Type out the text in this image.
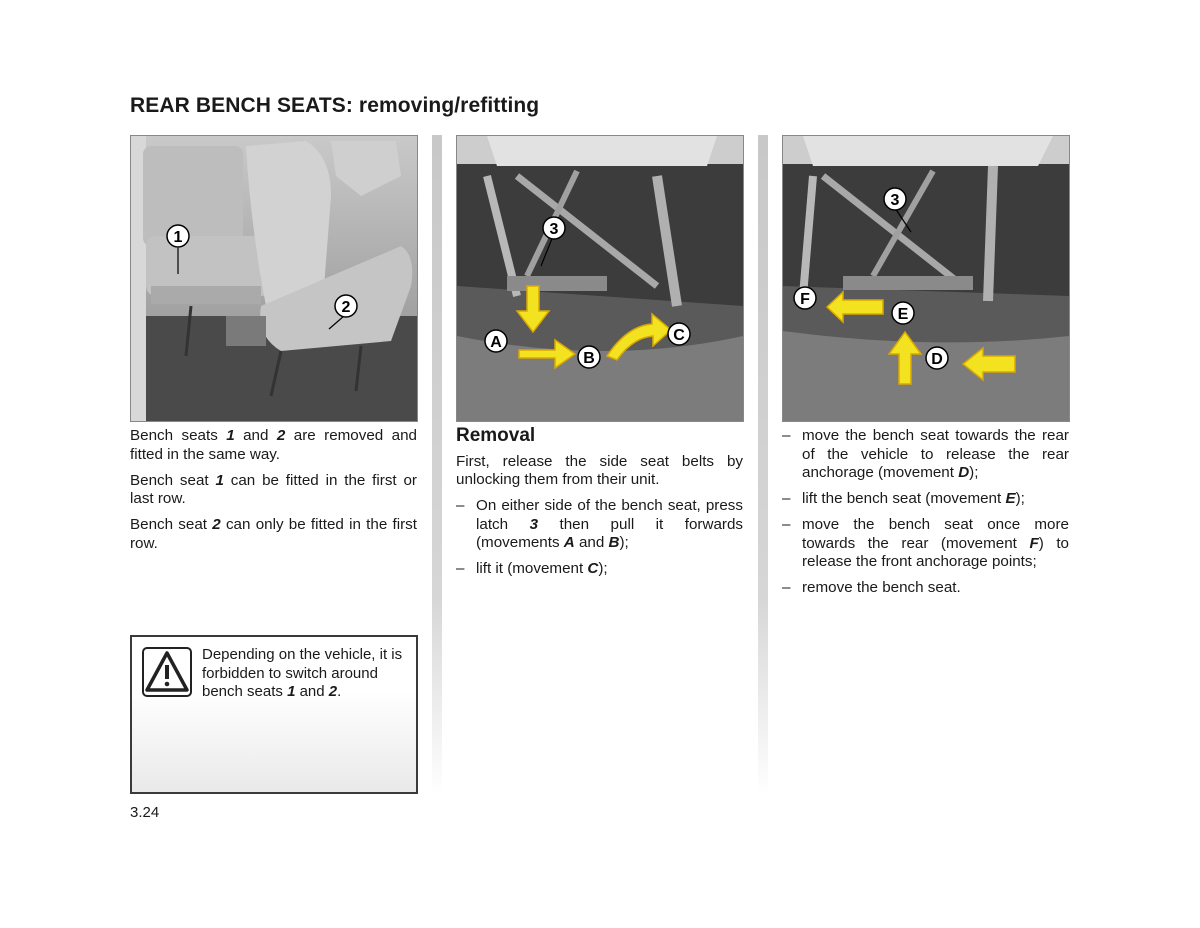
REAR BENCH SEATS: removing/refitting
1
2
3
A
B
C
3
F
E
D

Bench seats 1 and 2 are removed and fitted in the same way.

Bench seat 1 can be fitted in the first or last row.

Bench seat 2 can only be fitted in the first row.

Depending on the vehicle, it is forbidden to switch around bench seats 1 and 2.
Removal

First, release the side seat belts by unlocking them from their unit.

– On either side of the bench seat, press latch 3 then pull it forwards (movements A and B);
– lift it (movement C);
– move the bench seat towards the rear of the vehicle to release the rear anchorage (movement D);
– lift the bench seat (movement E);
– move the bench seat once more towards the rear (movement F) to release the front anchorage points;
– remove the bench seat.
3.24
